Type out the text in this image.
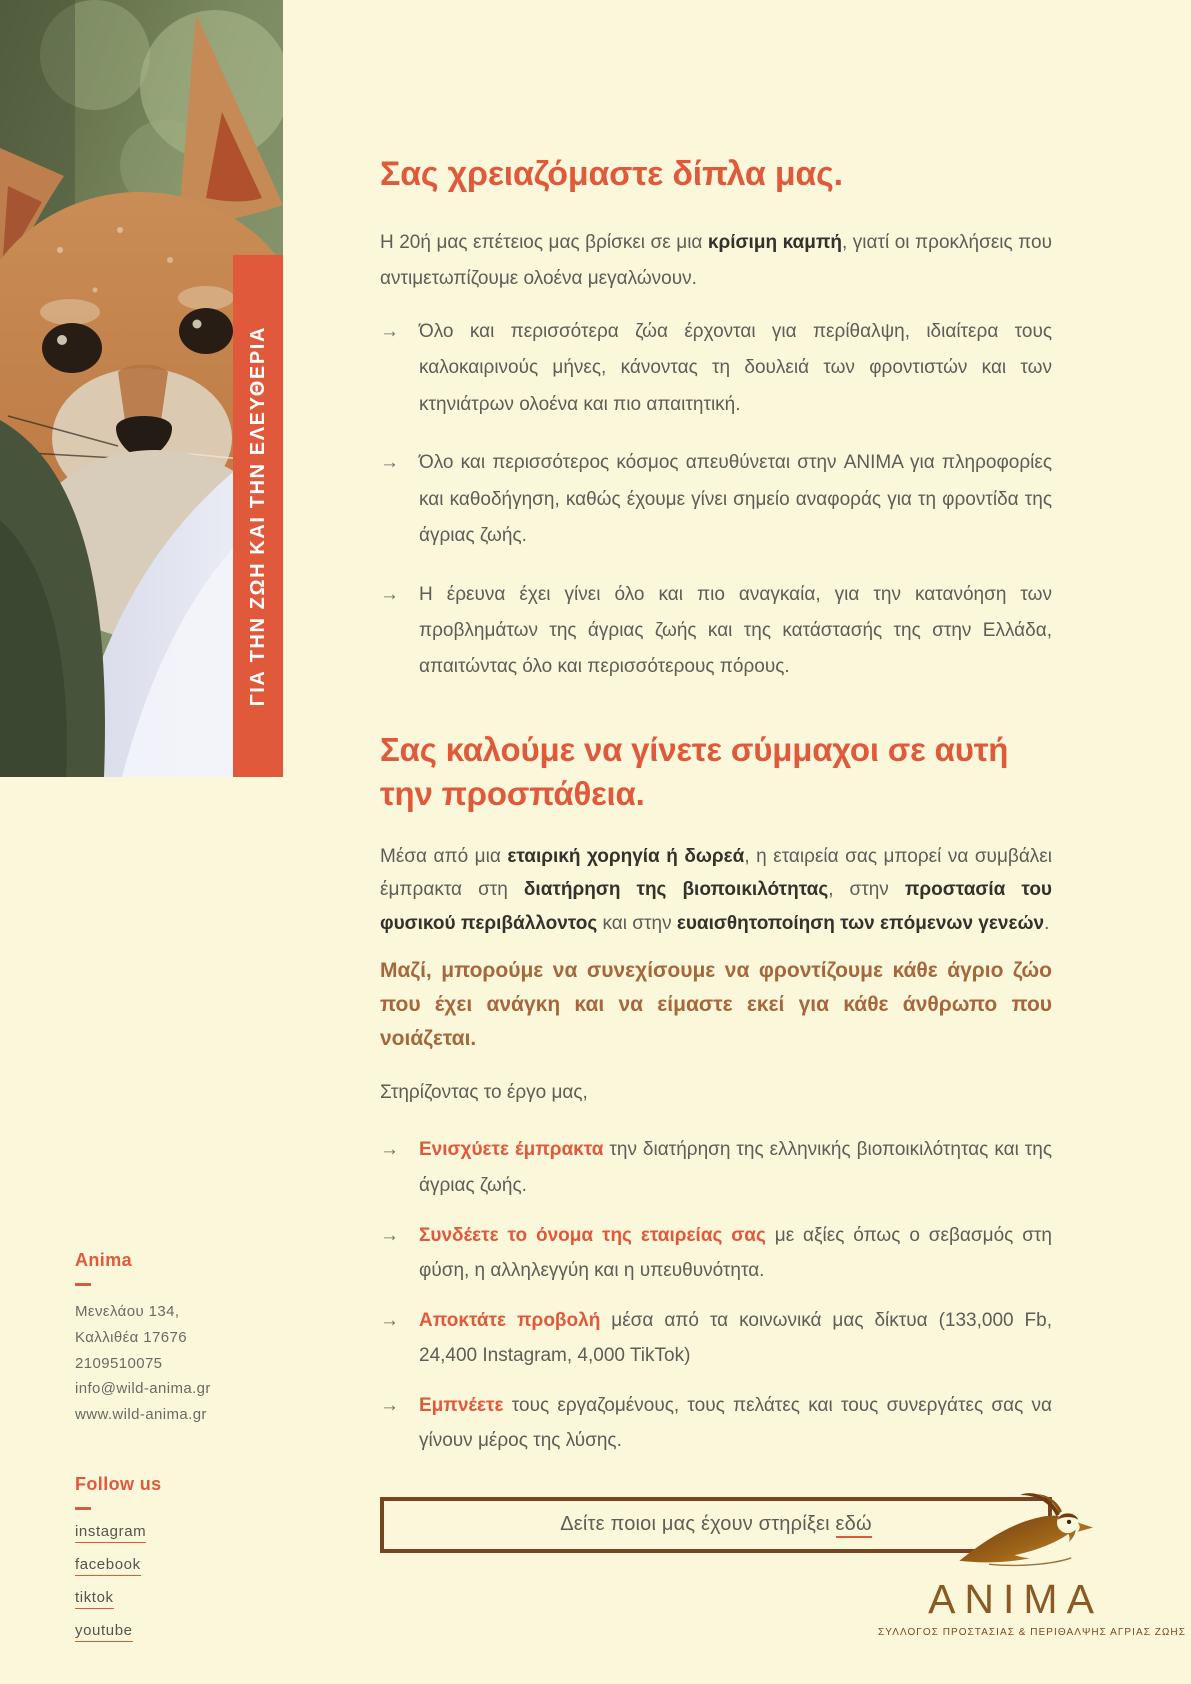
ΓΙΑ ΤΗΝ ΖΩΗ ΚΑΙ ΤΗΝ ΕΛΕΥΘΕΡΙΑ
Anima
Μενελάου 134,
Καλλιθέα 17676
2109510075
info@wild-anima.gr
www.wild-anima.gr
Follow us
instagram
facebook
tiktok
youtube
Σας χρειαζόμαστε δίπλα μας.

Η 20ή μας επέτειος μας βρίσκει σε μια κρίσιμη καμπή, γιατί οι προκλήσεις που αντιμετωπίζουμε ολοένα μεγαλώνουν.

→ Όλο και περισσότερα ζώα έρχονται για περίθαλψη, ιδιαίτερα τους καλοκαιρινούς μήνες, κάνοντας τη δουλειά των φροντιστών και των κτηνιάτρων ολοένα και πιο απαιτητική.
→ Όλο και περισσότερος κόσμος απευθύνεται στην ANIMA για πληροφορίες και καθοδήγηση, καθώς έχουμε γίνει σημείο αναφοράς για τη φροντίδα της άγριας ζωής.
→ Η έρευνα έχει γίνει όλο και πιο αναγκαία, για την κατανόηση των προβλημάτων της άγριας ζωής και της κατάστασής της στην Ελλάδα, απαιτώντας όλο και περισσότερους πόρους.
Σας καλούμε να γίνετε σύμμαχοι σε αυτή
την προσπάθεια.

Μέσα από μια εταιρική χορηγία ή δωρεά, η εταιρεία σας μπορεί να συμβάλει έμπρακτα στη διατήρηση της βιοποικιλότητας, στην προστασία του φυσικού περιβάλλοντος και στην ευαισθητοποίηση των επόμενων γενεών.

Μαζί, μπορούμε να συνεχίσουμε να φροντίζουμε κάθε άγριο ζώο που έχει ανάγκη και να είμαστε εκεί για κάθε άνθρωπο που νοιάζεται.

Στηρίζοντας το έργο μας,

→ Ενισχύετε έμπρακτα την διατήρηση της ελληνικής βιοποικιλότητας και της άγριας ζωής.
→ Συνδέετε το όνομα της εταιρείας σας με αξίες όπως ο σεβασμός στη φύση, η αλληλεγγύη και η υπευθυνότητα.
→ Αποκτάτε προβολή μέσα από τα κοινωνικά μας δίκτυα (133,000 Fb, 24,400 Instagram, 4,000 TikTok)
→ Εμπνέετε τους εργαζομένους, τους πελάτες και τους συνεργάτες σας να γίνουν μέρος της λύσης.
Δείτε ποιοι μας έχουν στηρίξει εδώ
ANIMA
ΣΥΛΛΟΓΟΣ ΠΡΟΣΤΑΣΙΑΣ & ΠΕΡΙΘΑΛΨΗΣ ΑΓΡΙΑΣ ΖΩΗΣ
